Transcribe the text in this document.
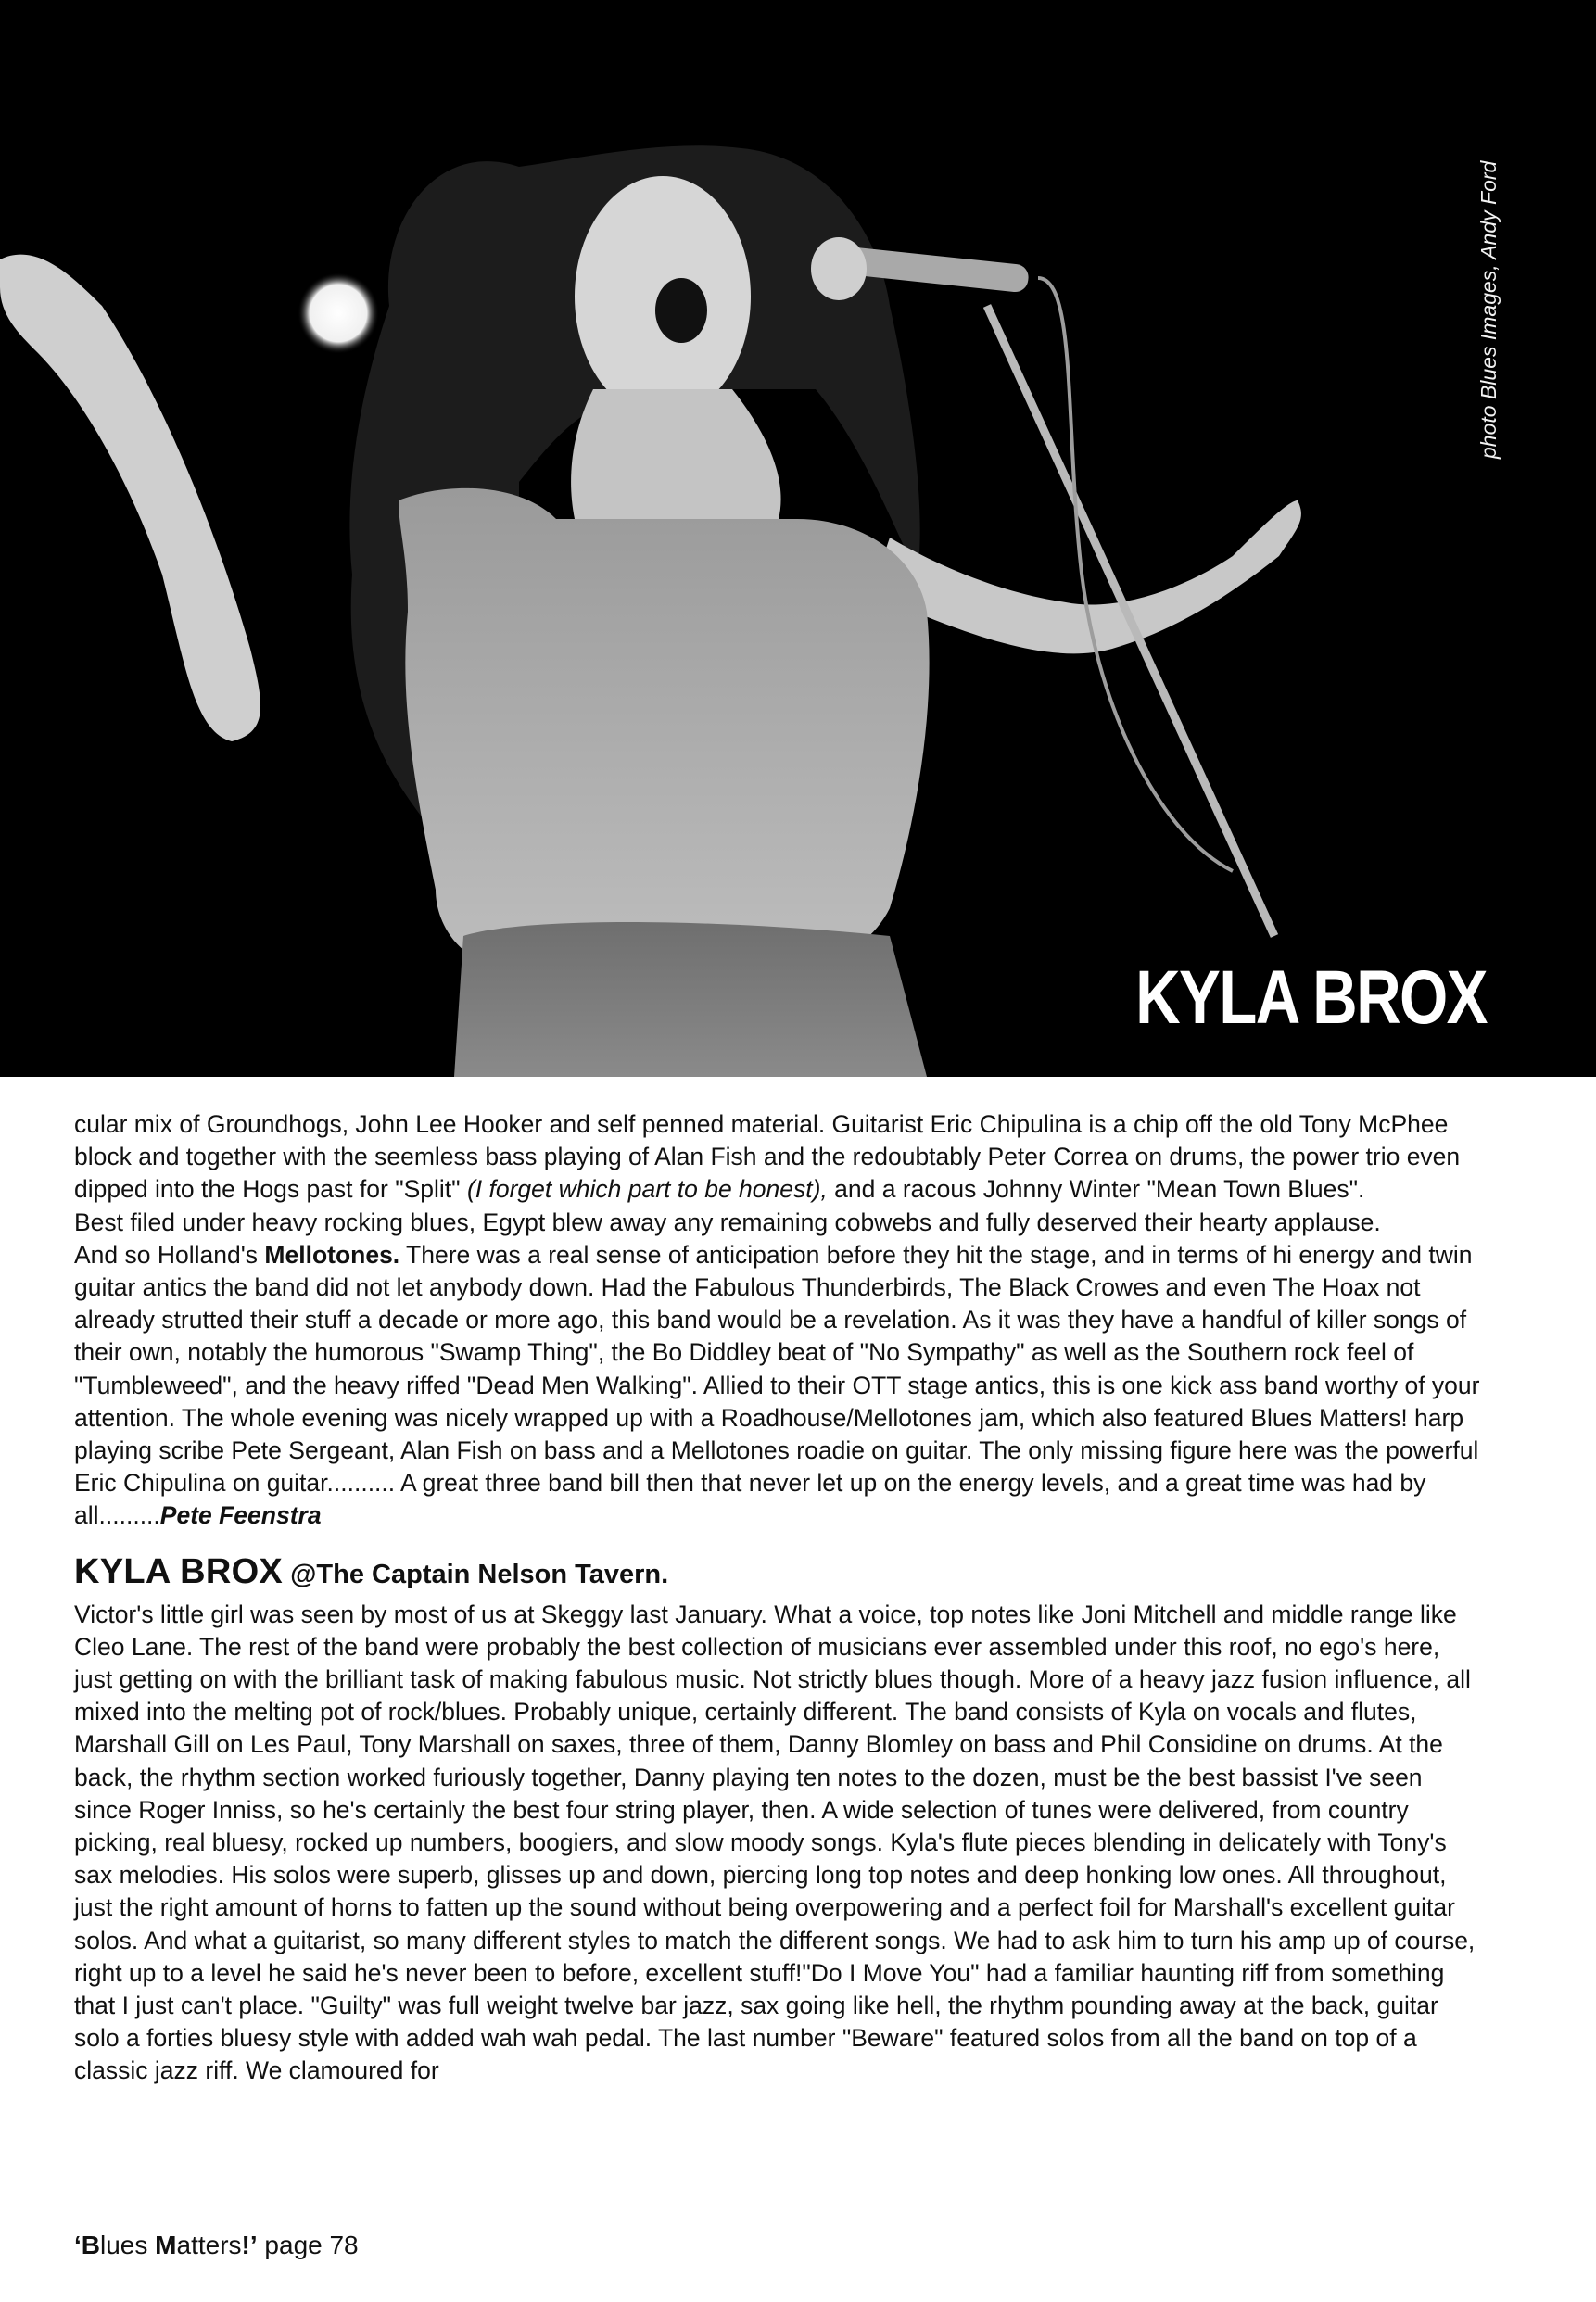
photo Blues Images, Andy Ford
KYLA BROX

cular mix of Groundhogs, John Lee Hooker and self penned material. Guitarist Eric Chipulina is a chip off the old Tony McPhee block and together with the seemless bass playing of Alan Fish and the redoubtably Peter Correa on drums, the power trio even dipped into the Hogs past for "Split" (I forget which part to be honest), and a racous Johnny Winter "Mean Town Blues".

Best filed under heavy rocking blues, Egypt blew away any remaining cobwebs and fully deserved their hearty applause.

And so Holland's Mellotones. There was a real sense of anticipation before they hit the stage, and in terms of hi energy and twin guitar antics the band did not let anybody down. Had the Fabulous Thunderbirds, The Black Crowes and even The Hoax not already strutted their stuff a decade or more ago, this band would be a revelation. As it was they have a handful of killer songs of their own, notably the humorous "Swamp Thing", the Bo Diddley beat of "No Sympathy" as well as the Southern rock feel of "Tumbleweed", and the heavy riffed "Dead Men Walking". Allied to their OTT stage antics, this is one kick ass band worthy of your attention. The whole evening was nicely wrapped up with a Roadhouse/Mellotones jam, which also featured Blues Matters! harp playing scribe Pete Sergeant, Alan Fish on bass and a Mellotones roadie on guitar. The only missing figure here was the powerful Eric Chipulina on guitar.......... A great three band bill then that never let up on the energy levels, and a great time was had by all.........Pete Feenstra

KYLA BROX @The Captain Nelson Tavern.

Victor's little girl was seen by most of us at Skeggy last January. What a voice, top notes like Joni Mitchell and middle range like Cleo Lane. The rest of the band were probably the best collection of musicians ever assembled under this roof, no ego's here, just getting on with the brilliant task of making fabulous music. Not strictly blues though. More of a heavy jazz fusion influence, all mixed into the melting pot of rock/blues. Probably unique, certainly different. The band consists of Kyla on vocals and flutes, Marshall Gill on Les Paul, Tony Marshall on saxes, three of them, Danny Blomley on bass and Phil Considine on drums. At the back, the rhythm section worked furiously together, Danny playing ten notes to the dozen, must be the best bassist I've seen since Roger Inniss, so he's certainly the best four string player, then. A wide selection of tunes were delivered, from country picking, real bluesy, rocked up numbers, boogiers, and slow moody songs. Kyla's flute pieces blending in delicately with Tony's sax melodies. His solos were superb, glisses up and down, piercing long top notes and deep honking low ones. All throughout, just the right amount of horns to fatten up the sound without being overpowering and a perfect foil for Marshall's excellent guitar solos. And what a guitarist, so many different styles to match the different songs. We had to ask him to turn his amp up of course, right up to a level he said he's never been to before, excellent stuff!"Do I Move You" had a familiar haunting riff from something that I just can't place. "Guilty" was full weight twelve bar jazz, sax going like hell, the rhythm pounding away at the back, guitar solo a forties bluesy style with added wah wah pedal. The last number "Beware" featured solos from all the band on top of a classic jazz riff. We clamoured for

‘Blues Matters!’ page 78
